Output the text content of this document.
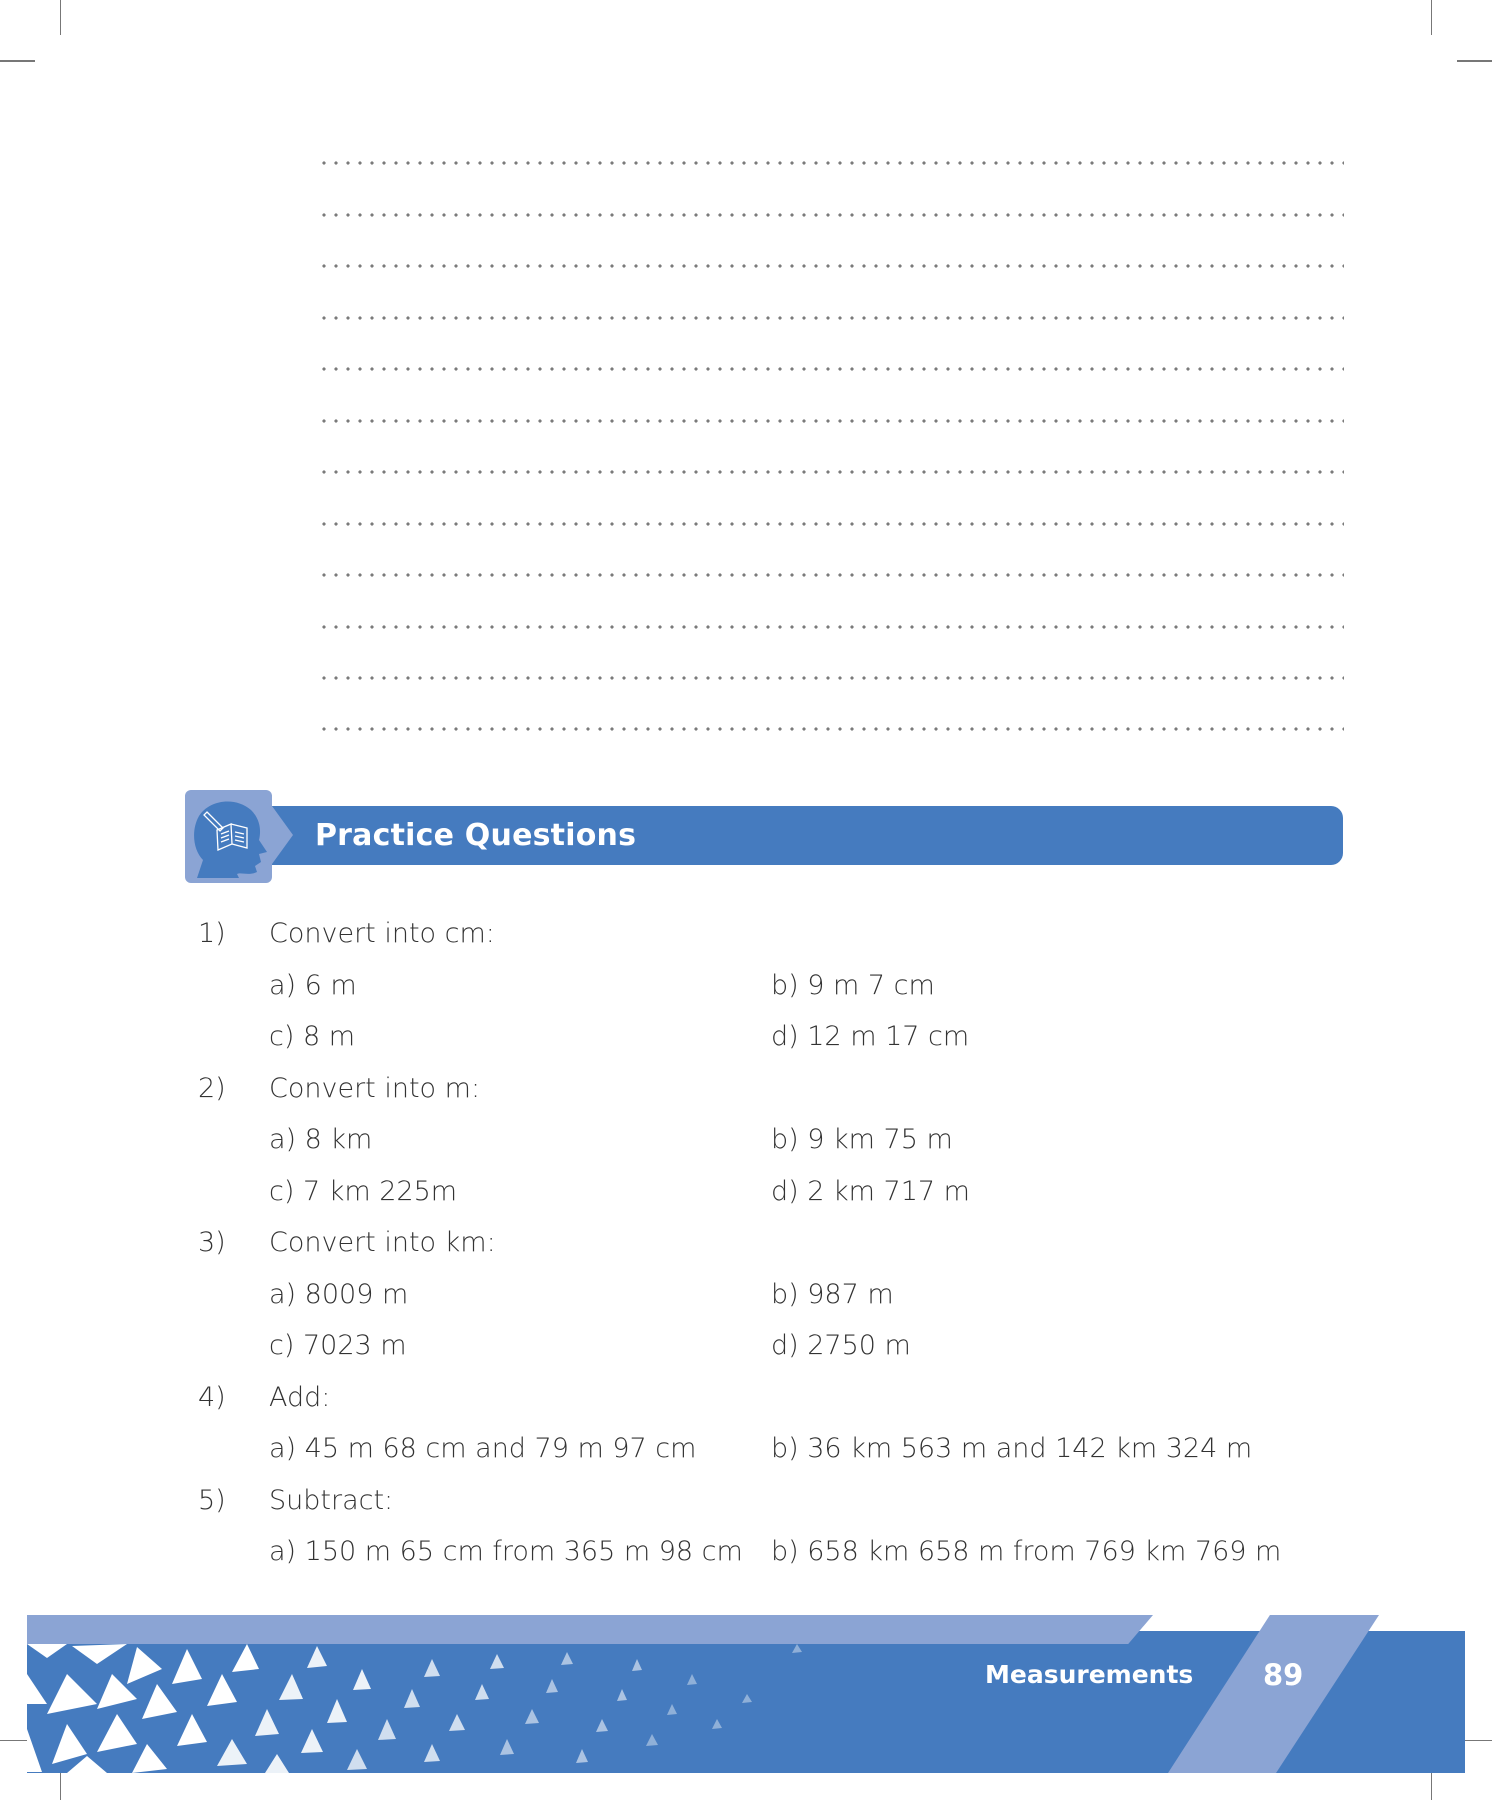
Practice Questions
1) Convert into cm:
a) 6 m	b) 9 m 7 cm
c) 8 m	d) 12 m 17 cm
2) Convert into m:
a) 8 km	b) 9 km 75 m
c) 7 km 225m	d) 2 km 717 m
3) Convert into km:
a) 8009 m	b) 987 m
c) 7023 m	d) 2750 m
4) Add:
a) 45 m 68 cm and 79 m 97 cm	b) 36 km 563 m and 142 km 324 m
5) Subtract:
a) 150 m 65 cm from 365 m 98 cm b) 658 km 658 m from 769 km 769 m
Measurements 89
